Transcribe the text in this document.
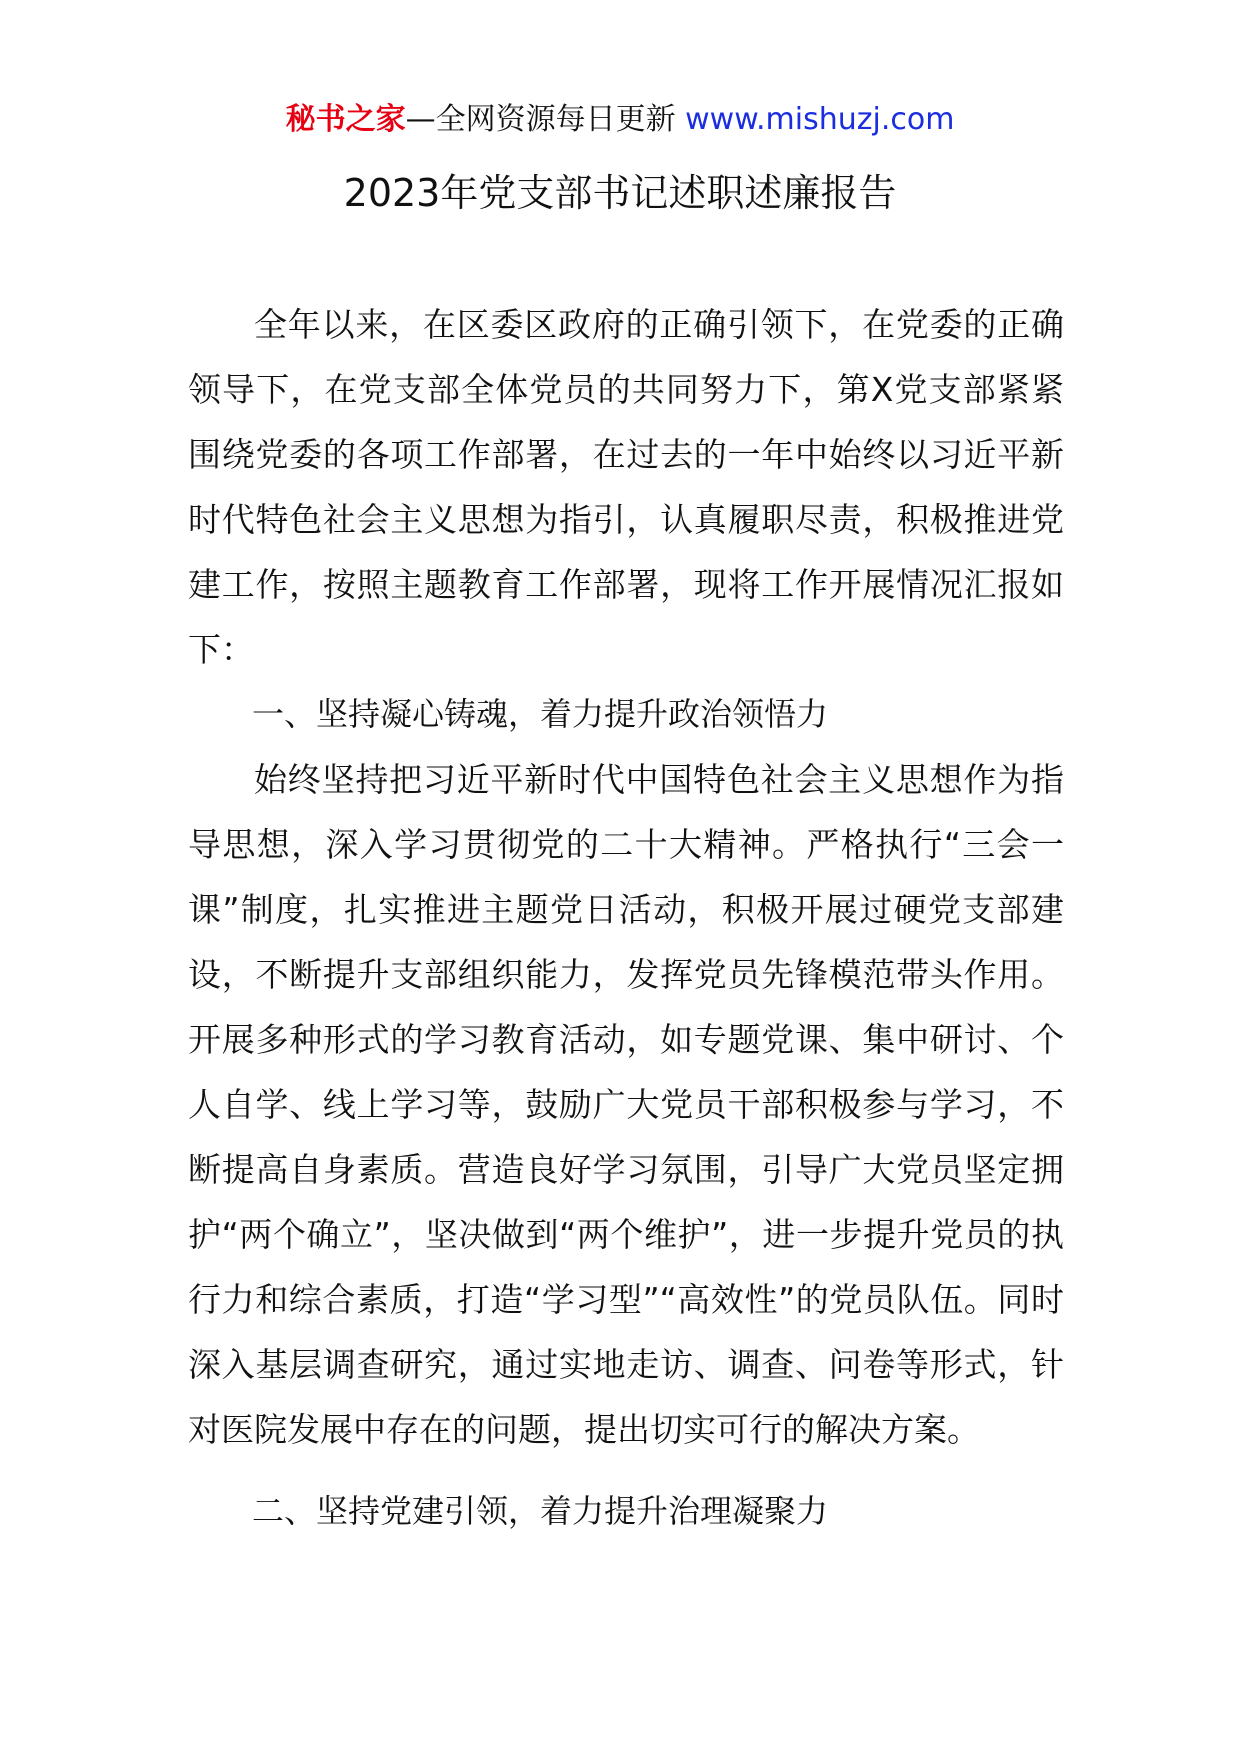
秘书之家—全网资源每日更新 www.mishuzj.com
2023年党支部书记述职述廉报告

全年以来，在区委区政府的正确引领下，在党委的正确领导下，在党支部全体党员的共同努力下，第X党支部紧紧围绕党委的各项工作部署，在过去的一年中始终以习近平新时代特色社会主义思想为指引，认真履职尽责，积极推进党建工作，按照主题教育工作部署，现将工作开展情况汇报如下：

一、坚持凝心铸魂，着力提升政治领悟力

始终坚持把习近平新时代中国特色社会主义思想作为指导思想，深入学习贯彻党的二十大精神。严格执行“三会一课”制度，扎实推进主题党日活动，积极开展过硬党支部建设，不断提升支部组织能力，发挥党员先锋模范带头作用。开展多种形式的学习教育活动，如专题党课、集中研讨、个人自学、线上学习等，鼓励广大党员干部积极参与学习，不断提高自身素质。营造良好学习氛围，引导广大党员坚定拥护“两个确立”，坚决做到“两个维护”，进一步提升党员的执行力和综合素质，打造“学习型”“高效性”的党员队伍。同时深入基层调查研究，通过实地走访、调查、问卷等形式，针对医院发展中存在的问题，提出切实可行的解决方案。

二、坚持党建引领，着力提升治理凝聚力
